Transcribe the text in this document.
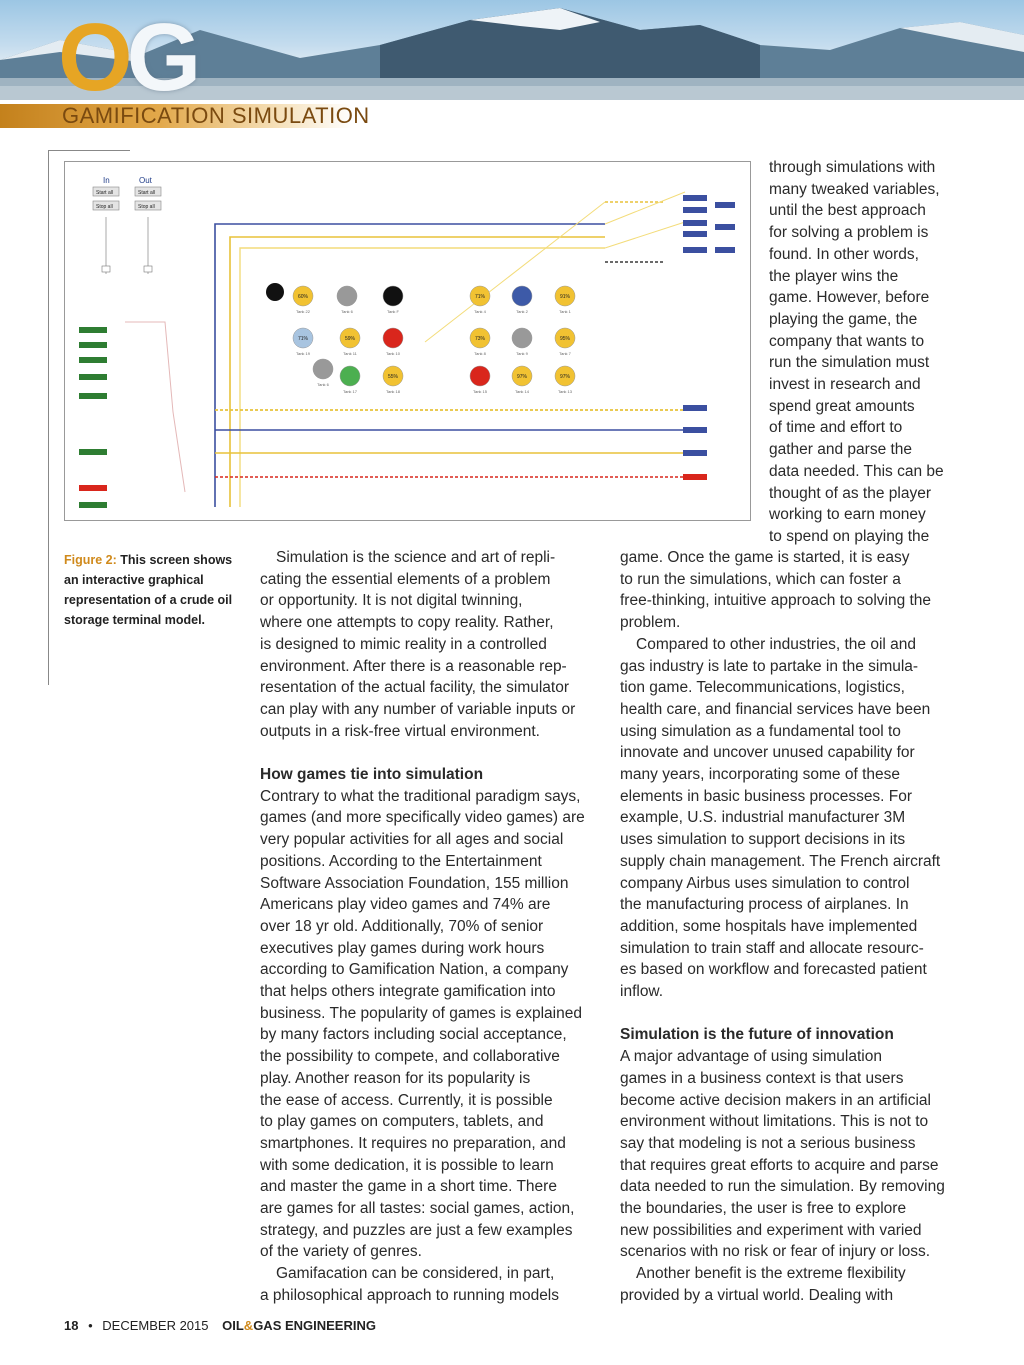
OG
GAMIFICATION SIMULATION
In	Out
Start all
Stop all
Start all
Stop all
60%
Tank 22	Tank 6	Tank F
71%
Tank 4	Tank 2
91%
Tank 1
71%
Tank 19
59%
Tank 11	Tank 10
73%
Tank 8	Tank 9
95%
Tank 7
Tank 6
Tank 17
55%
Tank 18	Tank 15
97%
Tank 14
97%
Tank 13
Figure 2: This screen shows an interactive graphical representation of a crude oil storage terminal model.

through simulations with

many tweaked variables,

until the best approach

for solving a problem is

found. In other words,

the player wins the

game. However, before

playing the game, the

company that wants to

run the simulation must

invest in research and

spend great amounts

of time and effort to

gather and parse the

data needed. This can be

thought of as the player

working to earn money

to spend on playing the

Simulation is the science and art of repli-

cating the essential elements of a problem

or opportunity. It is not digital twinning,

where one attempts to copy reality. Rather,

is designed to mimic reality in a controlled

environment. After there is a reasonable rep-

resentation of the actual facility, the simulator

can play with any number of variable inputs or

outputs in a risk-free virtual environment.

How games tie into simulation

Contrary to what the traditional paradigm says,

games (and more specifically video games) are

very popular activities for all ages and social

positions. According to the Entertainment

Software Association Foundation, 155 million

Americans play video games and 74% are

over 18 yr old. Additionally, 70% of senior

executives play games during work hours

according to Gamification Nation, a company

that helps others integrate gamification into

business. The popularity of games is explained

by many factors including social acceptance,

the possibility to compete, and collaborative

play. Another reason for its popularity is

the ease of access. Currently, it is possible

to play games on computers, tablets, and

smartphones. It requires no preparation, and

with some dedication, it is possible to learn

and master the game in a short time. There

are games for all tastes: social games, action,

strategy, and puzzles are just a few examples

of the variety of genres.

Gamifacation can be considered, in part,

a philosophical approach to running models

game. Once the game is started, it is easy

to run the simulations, which can foster a

free-thinking, intuitive approach to solving the

problem.

Compared to other industries, the oil and

gas industry is late to partake in the simula-

tion game. Telecommunications, logistics,

health care, and financial services have been

using simulation as a fundamental tool to

innovate and uncover unused capability for

many years, incorporating some of these

elements in basic business processes. For

example, U.S. industrial manufacturer 3M

uses simulation to support decisions in its

supply chain management. The French aircraft

company Airbus uses simulation to control

the manufacturing process of airplanes. In

addition, some hospitals have implemented

simulation to train staff and allocate resourc-

es based on workflow and forecasted patient

inflow.

Simulation is the future of innovation

A major advantage of using simulation

games in a business context is that users

become active decision makers in an artificial

environment without limitations. This is not to

say that modeling is not a serious business

that requires great efforts to acquire and parse

data needed to run the simulation. By removing

the boundaries, the user is free to explore

new possibilities and experiment with varied

scenarios with no risk or fear of injury or loss.

Another benefit is the extreme flexibility

provided by a virtual world. Dealing with

18 • DECEMBER 2015 OIL&GAS ENGINEERING
